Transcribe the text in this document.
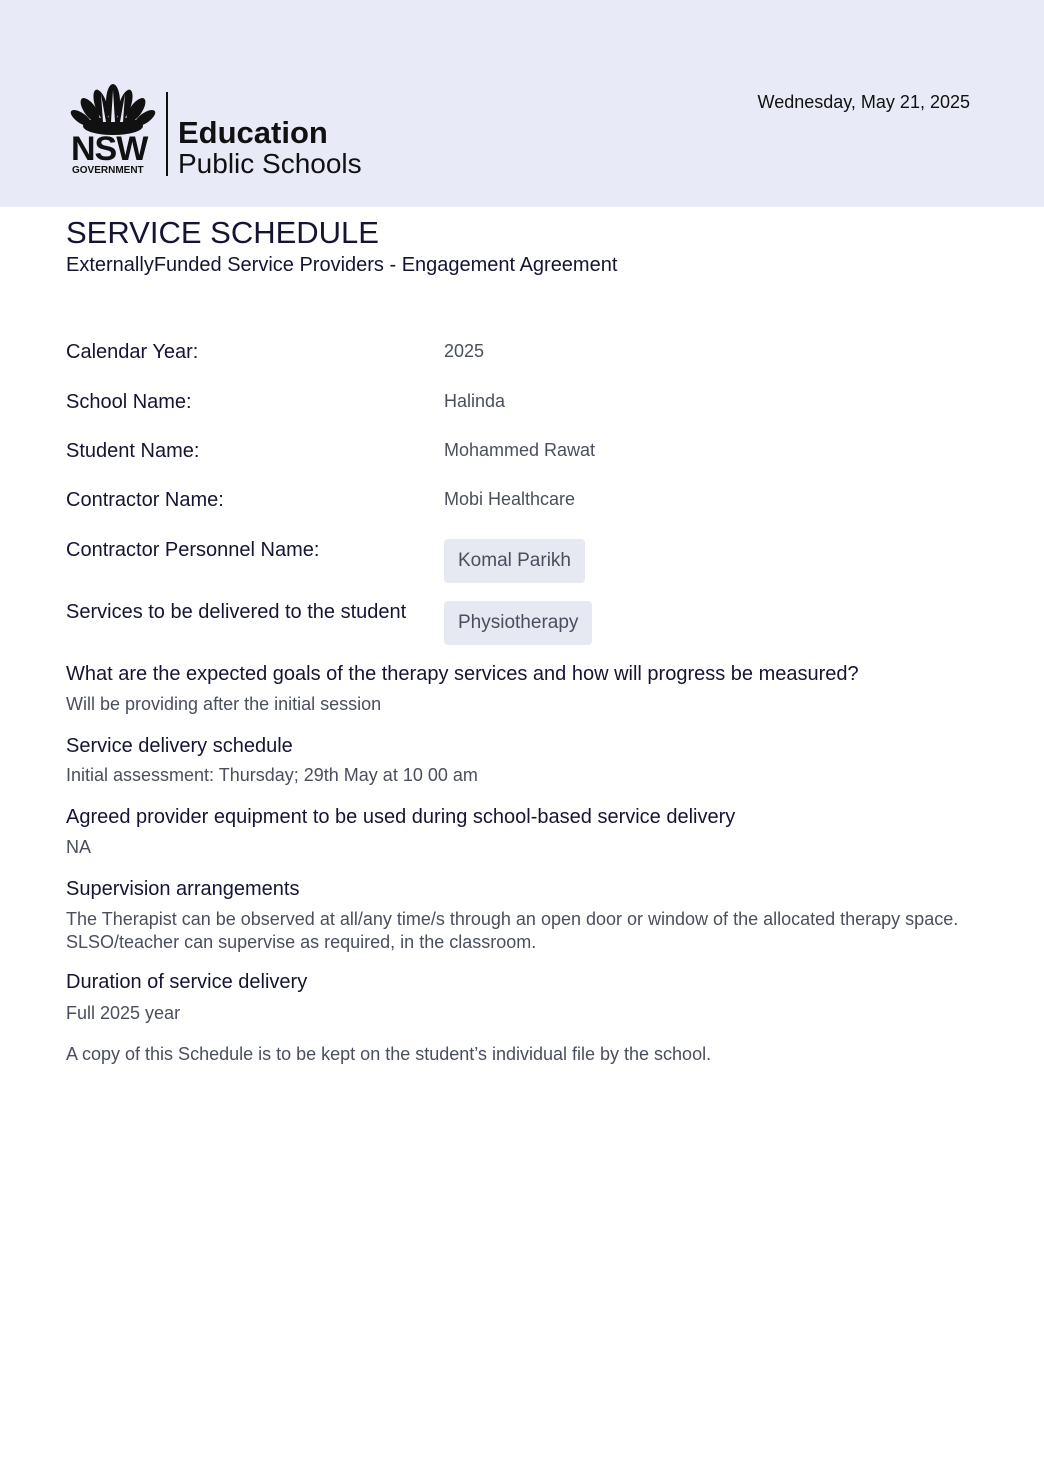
NSW
GOVERNMENT
Education
Public Schools
Wednesday, May 21, 2025
SERVICE SCHEDULE
ExternallyFunded Service Providers - Engagement Agreement
Calendar Year:	2025
School Name:	Halinda
Student Name:	Mohammed Rawat
Contractor Name:	Mobi Healthcare
Contractor Personnel Name:	Komal Parikh
Services to be delivered to the student	Physiotherapy
What are the expected goals of the therapy services and how will progress be measured?
Will be providing after the initial session
Service delivery schedule
Initial assessment: Thursday; 29th May at 10 00 am
Agreed provider equipment to be used during school-based service delivery
NA
Supervision arrangements
The Therapist can be observed at all/any time/s through an open door or window of the allocated therapy space. SLSO/teacher can supervise as required, in the classroom.
Duration of service delivery
Full 2025 year
A copy of this Schedule is to be kept on the student’s individual file by the school.
